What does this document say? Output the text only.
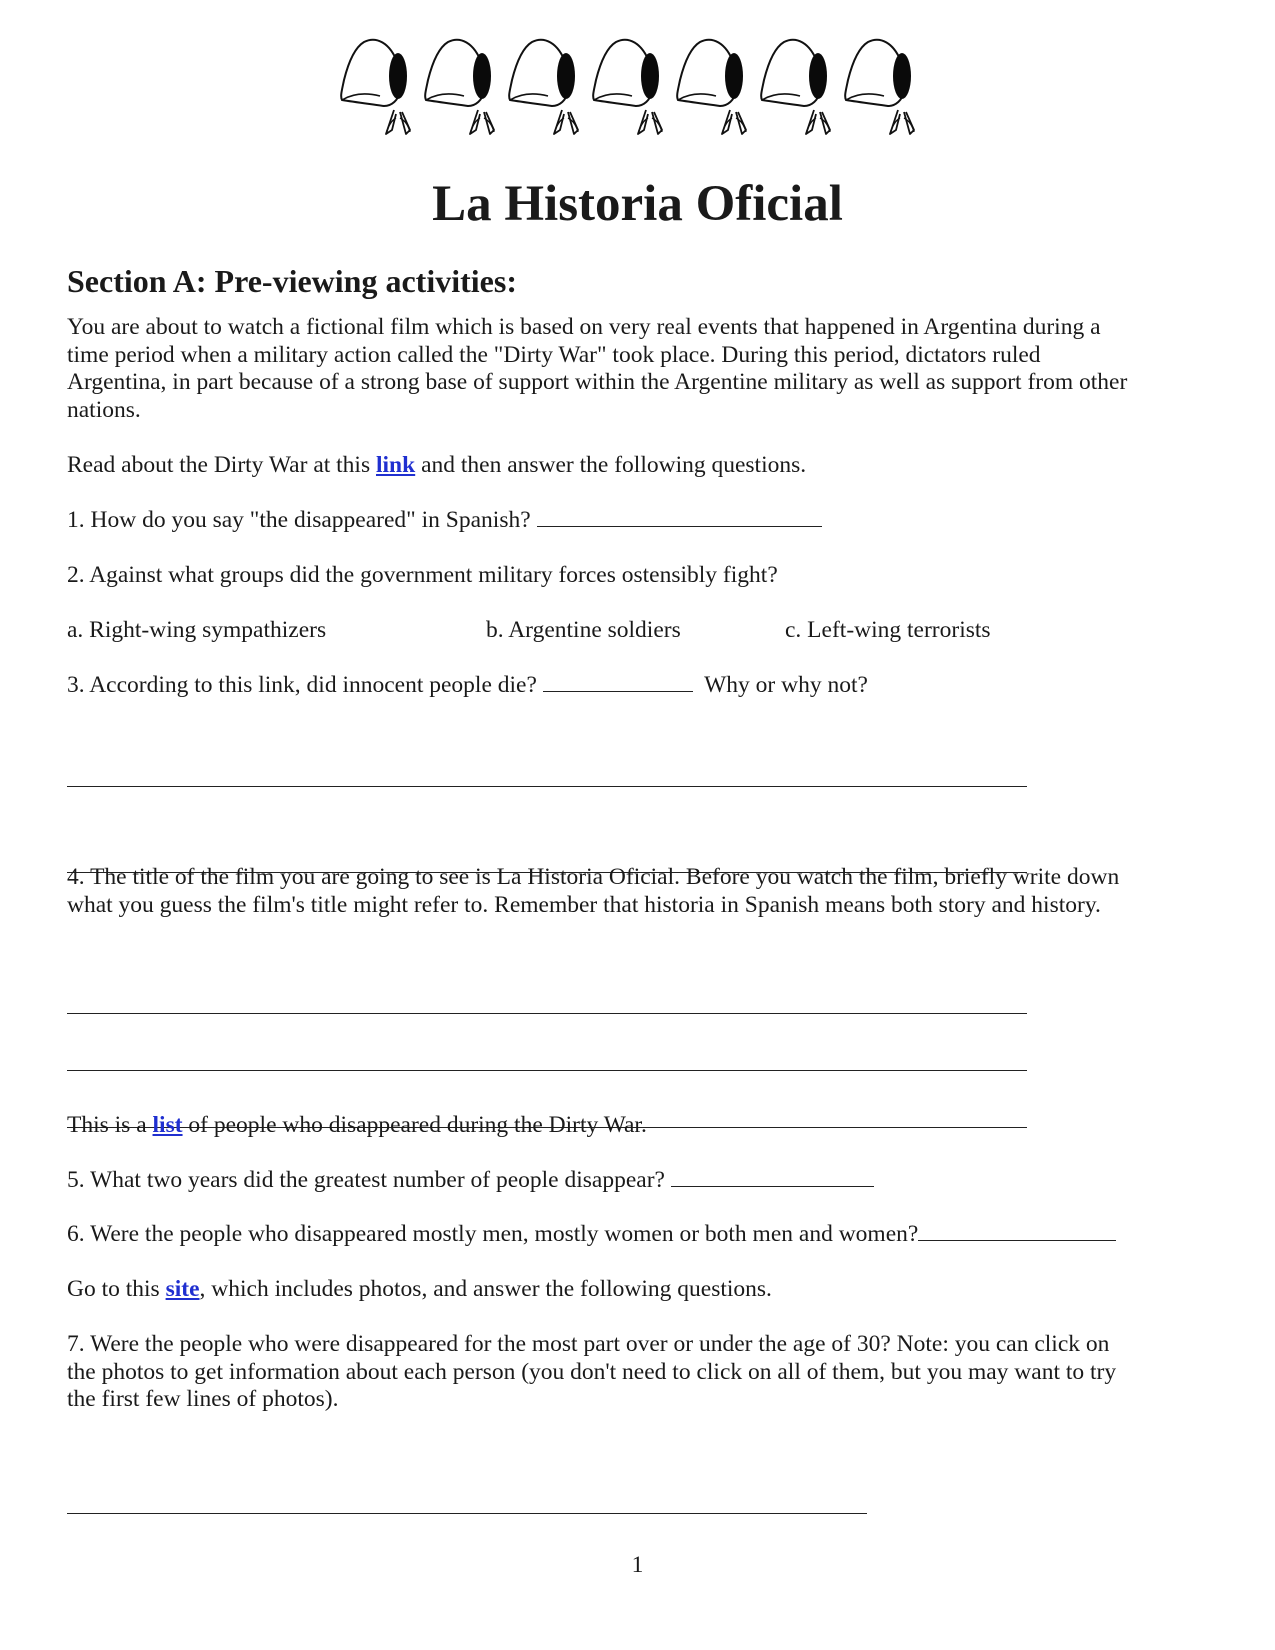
La Historia Oficial
Section A: Pre-viewing activities:

You are about to watch a fictional film which is based on very real events that happened in Argentina during a

time period when a military action called the "Dirty War" took place. During this period, dictators ruled

Argentina, in part because of a strong base of support within the Argentine military as well as support from other

nations.

Read about the Dirty War at this link and then answer the following questions.

1. How do you say "the disappeared" in Spanish?

2. Against what groups did the government military forces ostensibly fight?

a. Right-wing sympathizers	b. Argentine soldiers	c. Left-wing terrorists

3. According to this link, did innocent people die?	Why or why not?

4. The title of the film you are going to see is La Historia Oficial. Before you watch the film, briefly write down

what you guess the film's title might refer to. Remember that historia in Spanish means both story and history.

This is a list of people who disappeared during the Dirty War.

5. What two years did the greatest number of people disappear?

6. Were the people who disappeared mostly men, mostly women or both men and women?

Go to this site, which includes photos, and answer the following questions.

7. Were the people who were disappeared for the most part over or under the age of 30? Note: you can click on

the photos to get information about each person (you don't need to click on all of them, but you may want to try

the first few lines of photos).

1
